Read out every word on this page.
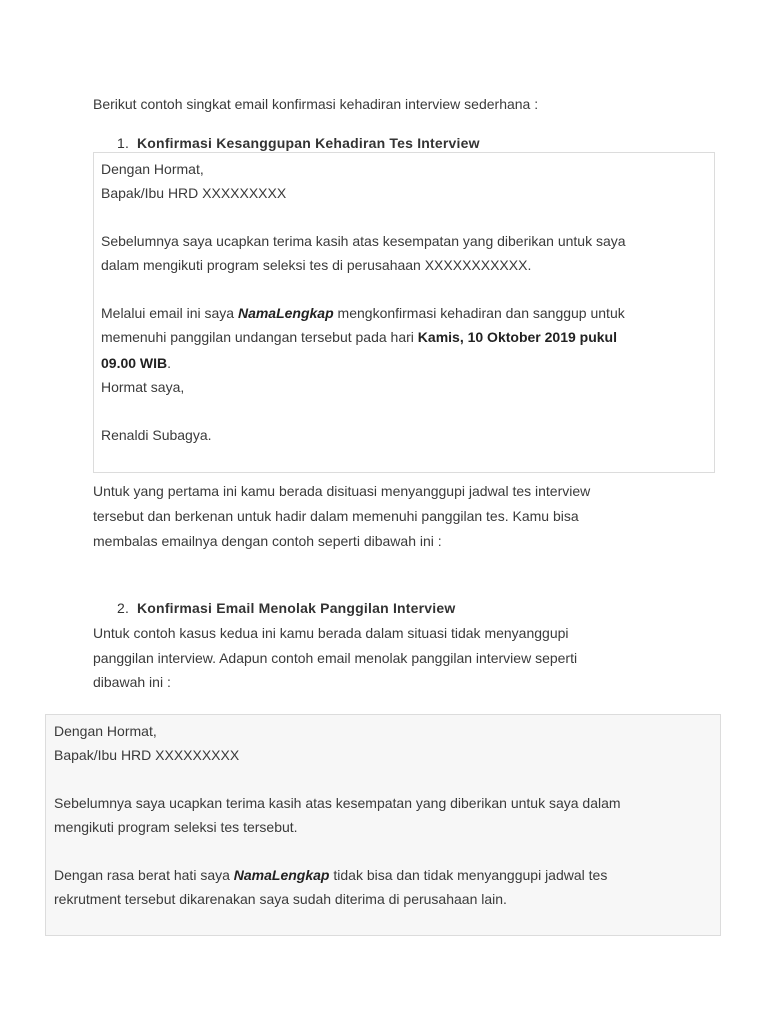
Berikut contoh singkat email konfirmasi kehadiran interview sederhana :
1. Konfirmasi Kesanggupan Kehadiran Tes Interview
Dengan Hormat,
Bapak/Ibu HRD XXXXXXXXX
Sebelumnya saya ucapkan terima kasih atas kesempatan yang diberikan untuk saya
dalam mengikuti program seleksi tes di perusahaan XXXXXXXXXXX.
Melalui email ini saya NamaLengkap mengkonfirmasi kehadiran dan sanggup untuk
memenuhi panggilan undangan tersebut pada hari Kamis, 10 Oktober 2019 pukul
09.00 WIB.
Hormat saya,
Renaldi Subagya.
Untuk yang pertama ini kamu berada disituasi menyanggupi jadwal tes interview
tersebut dan berkenan untuk hadir dalam memenuhi panggilan tes. Kamu bisa
membalas emailnya dengan contoh seperti dibawah ini :
2. Konfirmasi Email Menolak Panggilan Interview
Untuk contoh kasus kedua ini kamu berada dalam situasi tidak menyanggupi
panggilan interview. Adapun contoh email menolak panggilan interview seperti
dibawah ini :
Dengan Hormat,
Bapak/Ibu HRD XXXXXXXXX
Sebelumnya saya ucapkan terima kasih atas kesempatan yang diberikan untuk saya dalam
mengikuti program seleksi tes tersebut.
Dengan rasa berat hati saya NamaLengkap tidak bisa dan tidak menyanggupi jadwal tes
rekrutment tersebut dikarenakan saya sudah diterima di perusahaan lain.
